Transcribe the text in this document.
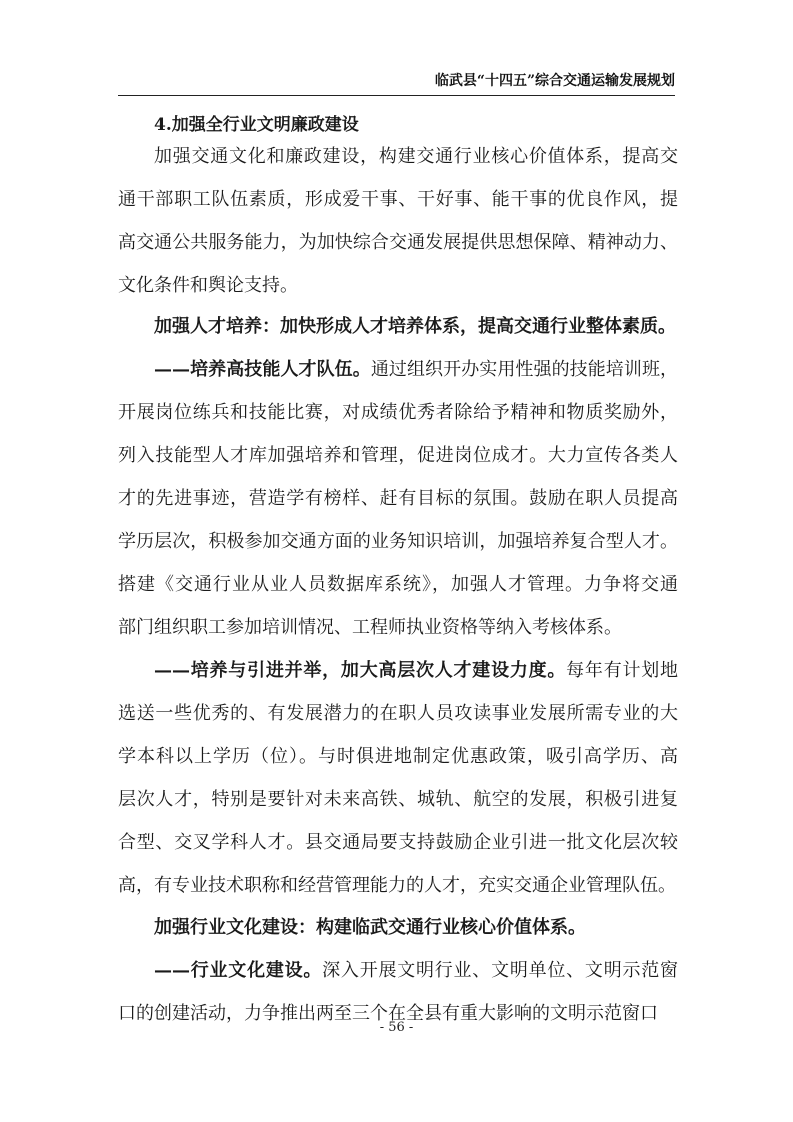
临武县“十四五”综合交通运输发展规划
4.加强全行业文明廉政建设
加强交通文化和廉政建设，构建交通行业核心价值体系，提高交
通干部职工队伍素质，形成爱干事、干好事、能干事的优良作风，提
高交通公共服务能力，为加快综合交通发展提供思想保障、精神动力、
文化条件和舆论支持。
加强人才培养：加快形成人才培养体系，提高交通行业整体素质。
——培养高技能人才队伍。通过组织开办实用性强的技能培训班，
开展岗位练兵和技能比赛，对成绩优秀者除给予精神和物质奖励外，
列入技能型人才库加强培养和管理，促进岗位成才。大力宣传各类人
才的先进事迹，营造学有榜样、赶有目标的氛围。鼓励在职人员提高
学历层次，积极参加交通方面的业务知识培训，加强培养复合型人才。
搭建《交通行业从业人员数据库系统》，加强人才管理。力争将交通
部门组织职工参加培训情况、工程师执业资格等纳入考核体系。
——培养与引进并举，加大高层次人才建设力度。每年有计划地
选送一些优秀的、有发展潜力的在职人员攻读事业发展所需专业的大
学本科以上学历（位）。与时俱进地制定优惠政策，吸引高学历、高
层次人才，特别是要针对未来高铁、城轨、航空的发展，积极引进复
合型、交叉学科人才。县交通局要支持鼓励企业引进一批文化层次较
高，有专业技术职称和经营管理能力的人才，充实交通企业管理队伍。
加强行业文化建设：构建临武交通行业核心价值体系。
——行业文化建设。深入开展文明行业、文明单位、文明示范窗
口的创建活动，力争推出两至三个在全县有重大影响的文明示范窗口
- 56 -
